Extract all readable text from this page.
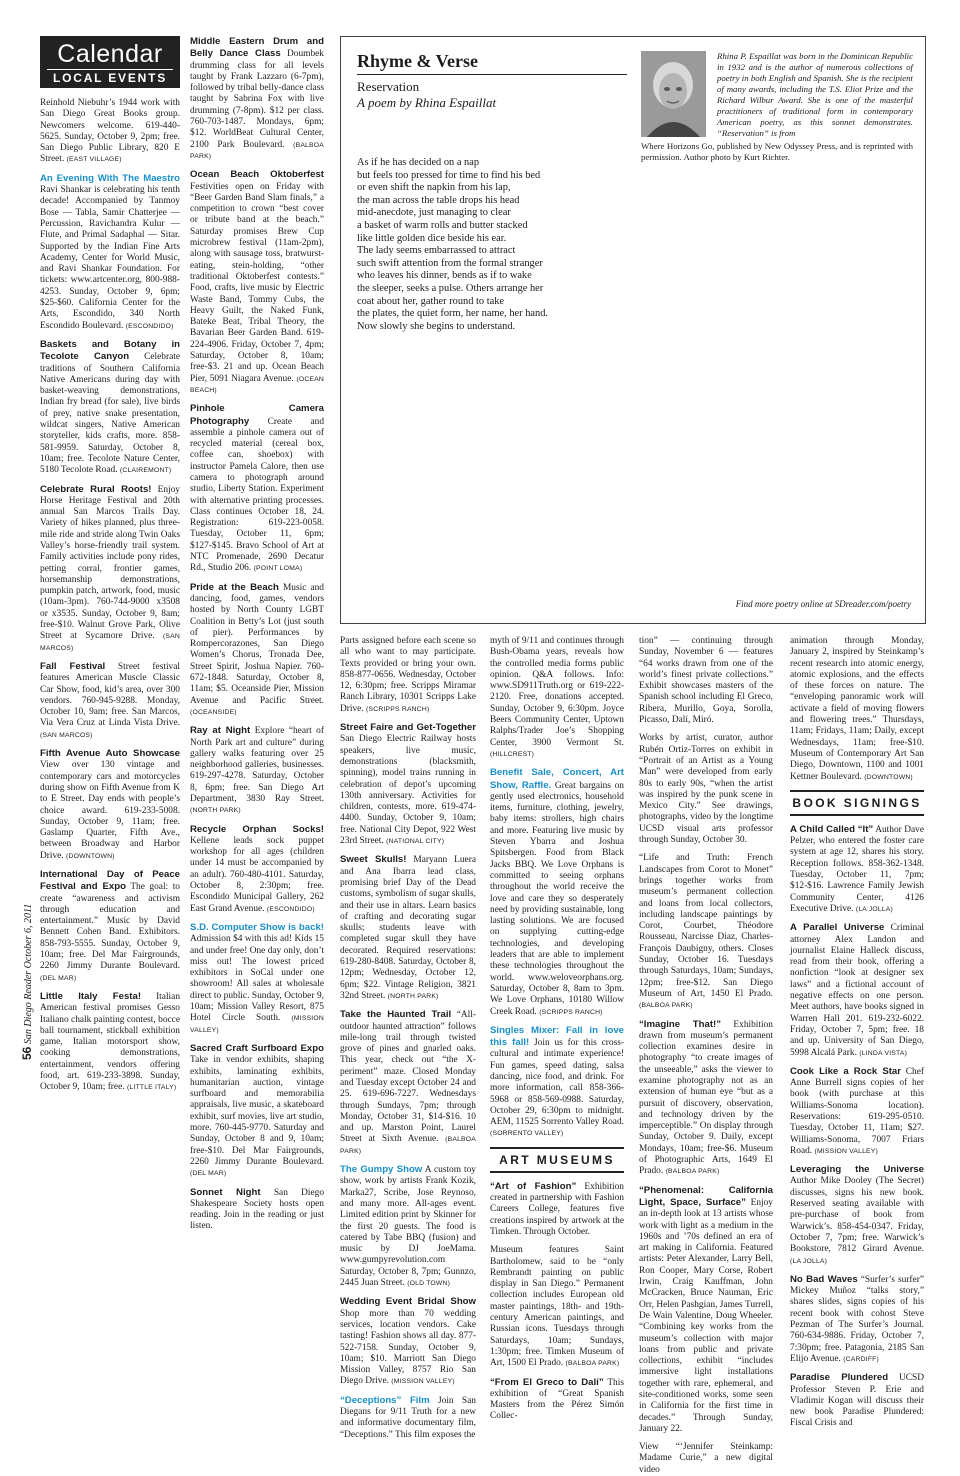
Calendar
LOCAL EVENTS

Reinhold Niebuhr’s 1944 work with San Diego Great Books group. Newcomers welcome. 619-440-5625. Sunday, October 9, 2pm; free. San Diego Public Library, 820 E Street. (EAST VILLAGE)

An Evening With The Maestro Ravi Shankar is celebrating his tenth decade! Accompanied by Tanmoy Bose — Tabla, Samir Chatterjee — Percussion, Ravichandra Kulur — Flute, and Primal Sadaphal — Sitar. Supported by the Indian Fine Arts Academy, Center for World Music, and Ravi Shankar Foundation. For tickets: www.artcenter.org, 800-988-4253. Sunday, October 9, 6pm; $25-$60. California Center for the Arts, Escondido, 340 North Escondido Boulevard. (ESCONDIDO)

Baskets and Botany in Tecolote Canyon Celebrate traditions of Southern California Native Americans during day with basket-weaving demonstrations, Indian fry bread (for sale), live birds of prey, native snake presentation, wildcat singers, Native American storyteller, kids crafts, more. 858-581-9959. Saturday, October 8, 10am; free. Tecolote Nature Center, 5180 Tecolote Road. (CLAIREMONT)

Celebrate Rural Roots! Enjoy Horse Heritage Festival and 20th annual San Marcos Trails Day. Variety of hikes planned, plus three-mile ride and stride along Twin Oaks Valley’s horse-friendly trail system. Family activities include pony rides, petting corral, frontier games, horsemanship demonstrations, pumpkin patch, artwork, food, music (10am-3pm). 760-744-9000 x3508 or x3535. Sunday, October 9, 8am; free-$10. Walnut Grove Park, Olive Street at Sycamore Drive. (SAN MARCOS)

Fall Festival Street festival features American Muscle Classic Car Show, food, kid’s area, over 300 vendors. 760-945-9288. Monday, October 10, 9am; free. San Marcos, Via Vera Cruz at Linda Vista Drive. (SAN MARCOS)

Fifth Avenue Auto Showcase View over 130 vintage and contemporary cars and motorcycles during show on Fifth Avenue from K to E Street. Day ends with people’s choice award. 619-233-5008. Sunday, October 9, 11am; free. Gaslamp Quarter, Fifth Ave., between Broadway and Harbor Drive. (DOWNTOWN)

International Day of Peace Festival and Expo The goal: to create “awareness and activism through education and entertainment.” Music by David Bennett Cohen Band. Exhibitors. 858-793-5555. Sunday, October 9, 10am; free. Del Mar Fairgrounds, 2260 Jimmy Durante Boulevard. (DEL MAR)

Little Italy Festa! Italian American festival promises Gesso Italiano chalk painting contest, bocce ball tournament, stickball exhibition game, Italian motorsport show, cooking demonstrations, entertainment, vendors offering food, art. 619-233-3898. Sunday, October 9, 10am; free. (LITTLE ITALY)

56 San Diego Reader October 6, 2011

Middle Eastern Drum and Belly Dance Class Doumbek drumming class for all levels taught by Frank Lazzaro (6-7pm), followed by tribal belly-dance class taught by Sabrina Fox with live drumming (7-8pm). $12 per class. 760-703-1487. Mondays, 6pm; $12. WorldBeat Cultural Center, 2100 Park Boulevard. (BALBOA PARK)

Ocean Beach Oktoberfest Festivities open on Friday with “Beer Garden Band Slam finals,” a competition to crown “best cover or tribute band at the beach.” Saturday promises Brew Cup microbrew festival (11am-2pm), along with sausage toss, bratwurst-eating, stein-holding, “other traditional Oktoberfest contests.” Food, crafts, live music by Electric Waste Band, Tommy Cubs, the Heavy Guilt, the Naked Funk, Bateke Beat, Tribal Theory, the Bavarian Beer Garden Band. 619-224-4906. Friday, October 7, 4pm; Saturday, October 8, 10am; free-$3. 21 and up. Ocean Beach Pier, 5091 Niagara Avenue. (OCEAN BEACH)

Pinhole Camera Photography Create and assemble a pinhole camera out of recycled material (cereal box, coffee can, shoebox) with instructor Pamela Calore, then use camera to photograph around studio, Liberty Station. Experiment with alternative printing processes. Class continues October 18, 24. Registration: 619-223-0058. Tuesday, October 11, 6pm; $127-$145. Bravo School of Art at NTC Promenade, 2690 Decatur Rd., Studio 206. (POINT LOMA)

Pride at the Beach Music and dancing, food, games, vendors hosted by North County LGBT Coalition in Betty’s Lot (just south of pier). Performances by Rompercorazones, San Diego Women’s Chorus, Tronada Dee, Street Spirit, Joshua Napier. 760-672-1848. Saturday, October 8, 11am; $5. Oceanside Pier, Mission Avenue and Pacific Street. (OCEANSIDE)

Ray at Night Explore “heart of North Park art and culture” during gallery walks featuring over 25 neighborhood galleries, businesses. 619-297-4278. Saturday, October 8, 6pm; free. San Diego Art Department, 3830 Ray Street. (NORTH PARK)

Recycle Orphan Socks! Kellene leads sock puppet workshop for all ages (children under 14 must be accompanied by an adult). 760-480-4101. Saturday, October 8, 2:30pm; free. Escondido Municipal Gallery, 262 East Grand Avenue. (ESCONDIDO)

S.D. Computer Show is back! Admission $4 with this ad! Kids 15 and under free! One day only, don’t miss out! The lowest priced exhibitors in SoCal under one showroom! All sales at wholesale direct to public. Sunday, October 9, 10am; Mission Valley Resort, 875 Hotel Circle South. (MISSION VALLEY)

Sacred Craft Surfboard Expo Take in vendor exhibits, shaping exhibits, laminating exhibits, humanitarian auction, vintage surfboard and memorabilia appraisals, live music, a skateboard exhibit, surf movies, live art studio, more. 760-445-9770. Saturday and Sunday, October 8 and 9, 10am; free-$10. Del Mar Fairgrounds, 2260 Jimmy Durante Boulevard. (DEL MAR)

Sonnet Night San Diego Shakespeare Society hosts open reading. Join in the reading or just listen.

Rhyme & Verse
Reservation
A poem by Rhina Espaillat
Rhina P. Espaillat was born in the Dominican Republic in 1932 and is the author of numerous collections of poetry in both English and Spanish. She is the recipient of many awards, including the T.S. Eliot Prize and the Richard Wilbur Award. She is one of the masterful practitioners of traditional form in contemporary American poetry, as this sonnet demonstrates. “Reservation” is from
Where Horizons Go, published by New Odyssey Press, and is reprinted with permission. Author photo by Kurt Richter.
As if he has decided on a nap
but feels too pressed for time to find his bed
or even shift the napkin from his lap,
the man across the table drops his head
mid-anecdote, just managing to clear
a basket of warm rolls and butter stacked
like little golden dice beside his ear.
The lady seems embarrassed to attract
such swift attention from the formal stranger
who leaves his dinner, bends as if to wake
the sleeper, seeks a pulse. Others arrange her
coat about her, gather round to take
the plates, the quiet form, her name, her hand.
Now slowly she begins to understand.
Find more poetry online at SDreader.com/poetry

Parts assigned before each scene so all who want to may participate. Texts provided or bring your own. 858-877-0656. Wednesday, October 12, 6:30pm; free. Scripps Miramar Ranch Library, 10301 Scripps Lake Drive. (SCRIPPS RANCH)

Street Faire and Get-Together San Diego Electric Railway hosts speakers, live music, demonstrations (blacksmith, spinning), model trains running in celebration of depot’s upcoming 130th anniversary. Activities for children, contests, more. 619-474-4400. Sunday, October 9, 10am; free. National City Depot, 922 West 23rd Street. (NATIONAL CITY)

Sweet Skulls! Maryann Luera and Ana Ibarra lead class, promising brief Day of the Dead customs, symbolism of sugar skulls, and their use in altars. Learn basics of crafting and decorating sugar skulls; students leave with completed sugar skull they have decorated. Required reservations: 619-280-8408. Saturday, October 8, 12pm; Wednesday, October 12, 6pm; $22. Vintage Religion, 3821 32nd Street. (NORTH PARK)

Take the Haunted Trail “All-outdoor haunted attraction” follows mile-long trail through twisted grove of pines and gnarled oaks. This year, check out “the X-periment” maze. Closed Monday and Tuesday except October 24 and 25. 619-696-7227. Wednesdays through Sundays, 7pm; through Monday, October 31, $14-$16. 10 and up. Marston Point, Laurel Street at Sixth Avenue. (BALBOA PARK)

The Gumpy Show A custom toy show, work by artists Frank Kozik, Marka27, Scribe, Jose Reynoso, and many more. All-ages event. Limited edition print by Skinner for the first 20 guests. The food is catered by Tabe BBQ (fusion) and music by DJ JoeMama. www.gumpyrevolution.com Saturday, October 8, 7pm; Gunnzo, 2445 Juan Street. (OLD TOWN)

Wedding Event Bridal Show Shop more than 70 wedding services, location vendors. Cake tasting! Fashion shows all day. 877-522-7158. Sunday, October 9, 10am; $10. Marriott San Diego Mission Valley, 8757 Rio San Diego Drive. (MISSION VALLEY)

“Deceptions” Film Join San Diegans for 9/11 Truth for a new and informative documentary film, “Deceptions.” This film exposes the

myth of 9/11 and continues through Bush-Obama years, reveals how the controlled media forms public opinion. Q&A follows. Info: www.SD911Truth.org or 619-222-2120. Free, donations accepted. Sunday, October 9, 6:30pm. Joyce Beers Community Center, Uptown Ralphs/Trader Joe’s Shopping Center, 3900 Vermont St. (HILLCREST)

Benefit Sale, Concert, Art Show, Raffle. Great bargains on gently used electronics, household items, furniture, clothing, jewelry, baby items: strollers, high chairs and more. Featuring live music by Steven Ybarra and Joshua Spitsbergen. Food from Black Jacks BBQ. We Love Orphans is committed to seeing orphans throughout the world receive the love and care they so desperately need by providing sustainable, long lasting solutions. We are focused on supplying cutting-edge technologies, and developing leaders that are able to implement these technologies throughout the world. www.weloveorphans.org. Saturday, October 8, 8am to 3pm. We Love Orphans, 10180 Willow Creek Road. (SCRIPPS RANCH)

Singles Mixer: Fall in love this fall! Join us for this cross-cultural and intimate experience! Fun games, speed dating, salsa dancing, nice food, and drink. For more information, call 858-366-5968 or 858-569-0988. Saturday, October 29, 6:30pm to midnight. AEM, 11525 Sorrento Valley Road. (SORRENTO VALLEY)

ART MUSEUMS

“Art of Fashion” Exhibition created in partnership with Fashion Careers College, features five creations inspired by artwork at the Timken. Through October.

Museum features Saint Bartholomew, said to be “only Rembrandt painting on public display in San Diego.” Permanent collection includes European old master paintings, 18th- and 19th-century American paintings, and Russian icons. Tuesdays through Saturdays, 10am; Sundays, 1:30pm; free. Timken Museum of Art, 1500 El Prado. (BALBOA PARK)

“From El Greco to Dalí” This exhibition of “Great Spanish Masters from the Pérez Simón Collec-

tion” — continuing through Sunday, November 6 — features “64 works drawn from one of the world’s finest private collections.” Exhibit showcases masters of the Spanish school including El Greco, Ribera, Murillo, Goya, Sorolla, Picasso, Dalí, Miró.

Works by artist, curator, author Rubén Ortiz-Torres on exhibit in “Portrait of an Artist as a Young Man” were developed from early 80s to early 90s, “when the artist was inspired by the punk scene in Mexico City.” See drawings, photographs, video by the longtime UCSD visual arts professor through Sunday, October 30.

“Life and Truth: French Landscapes from Corot to Monet” brings together works from museum’s permanent collection and loans from local collectors, including landscape paintings by Corot, Courbet, Théodore Rousseau, Narcisse Diaz, Charles-François Daubigny, others. Closes Sunday, October 16. Tuesdays through Saturdays, 10am; Sundays, 12pm; free-$12. San Diego Museum of Art, 1450 El Prado. (BALBOA PARK)

“Imagine That!” Exhibition drawn from museum’s permanent collection examines desire in photography “to create images of the unseeable,” asks the viewer to examine photography not as an extension of human eye “but as a pursuit of discovery, observation, and technology driven by the imperceptible.” On display through Sunday, October 9. Daily, except Mondays, 10am; free-$6. Museum of Photographic Arts, 1649 El Prado. (BALBOA PARK)

“Phenomenal: California Light, Space, Surface” Enjoy an in-depth look at 13 artists whose work with light as a medium in the 1960s and ’70s defined an era of art making in California. Featured artists: Peter Alexander, Larry Bell, Ron Cooper, Mary Corse, Robert Irwin, Craig Kauffman, John McCracken, Bruce Nauman, Eric Orr, Helen Pashgian, James Turrell, De Wain Valentine, Doug Wheeler. “Combining key works from the museum’s collection with major loans from public and private collections, exhibit “includes immersive light installations together with rare, ephemeral, and site-conditioned works, some seen in California for the first time in decades.” Through Sunday, January 22.

View “‘Jennifer Steinkamp: Madame Curie,” a new digital video

animation through Monday, January 2, inspired by Steinkamp’s recent research into atomic energy, atomic explosions, and the effects of these forces on nature. The “enveloping panoramic work will activate a field of moving flowers and flowering trees.” Thursdays, 11am; Fridays, 11am; Daily, except Wednesdays, 11am; free-$10. Museum of Contemporary Art San Diego, Downtown, 1100 and 1001 Kettner Boulevard. (DOWNTOWN)

BOOK SIGNINGS

A Child Called “It” Author Dave Pelzer, who entered the foster care system at age 12, shares his story. Reception follows. 858-362-1348. Tuesday, October 11, 7pm; $12-$16. Lawrence Family Jewish Community Center, 4126 Executive Drive. (LA JOLLA)

A Parallel Universe Criminal attorney Alex Landon and journalist Elaine Halleck discuss, read from their book, offering a nonfiction “look at designer sex laws” and a fictional account of negative effects on one person. Meet authors, have books signed in Warren Hall 201. 619-232-6022. Friday, October 7, 5pm; free. 18 and up. University of San Diego, 5998 Alcalá Park. (LINDA VISTA)

Cook Like a Rock Star Chef Anne Burrell signs copies of her book (with purchase at this Williams-Sonoma location). Reservations: 619-295-0510. Tuesday, October 11, 11am; $27. Williams-Sonoma, 7007 Friars Road. (MISSION VALLEY)

Leveraging the Universe Author Mike Dooley (The Secret) discusses, signs his new book. Reserved seating available with pre-purchase of book from Warwick’s. 858-454-0347. Friday, October 7, 7pm; free. Warwick’s Bookstore, 7812 Girard Avenue. (LA JOLLA)

No Bad Waves “Surfer’s surfer” Mickey Muñoz “talks story,” shares slides, signs copies of his recent book with cohost Steve Pezman of The Surfer’s Journal. 760-634-9886. Friday, October 7, 7:30pm; free. Patagonia, 2185 San Elijo Avenue. (CARDIFF)

Paradise Plundered UCSD Professor Steven P. Erie and Vladimir Kogan will discuss their new book Paradise Plundered: Fiscal Crisis and
